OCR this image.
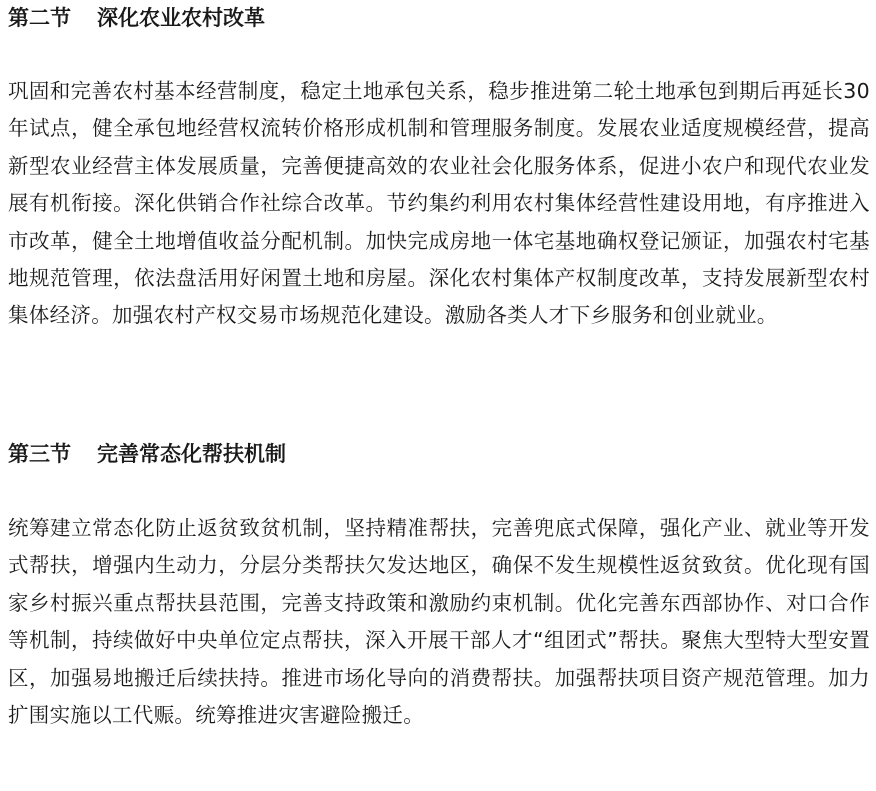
第二节 深化农业农村改革

巩固和完善农村基本经营制度，稳定土地承包关系，稳步推进第二轮土地承包到期后再延长30年试点，健全承包地经营权流转价格形成机制和管理服务制度。发展农业适度规模经营，提高新型农业经营主体发展质量，完善便捷高效的农业社会化服务体系，促进小农户和现代农业发展有机衔接。深化供销合作社综合改革。节约集约利用农村集体经营性建设用地，有序推进入市改革，健全土地增值收益分配机制。加快完成房地一体宅基地确权登记颁证，加强农村宅基地规范管理，依法盘活用好闲置土地和房屋。深化农村集体产权制度改革，支持发展新型农村集体经济。加强农村产权交易市场规范化建设。激励各类人才下乡服务和创业就业。

第三节 完善常态化帮扶机制

统筹建立常态化防止返贫致贫机制，坚持精准帮扶，完善兜底式保障，强化产业、就业等开发式帮扶，增强内生动力，分层分类帮扶欠发达地区，确保不发生规模性返贫致贫。优化现有国家乡村振兴重点帮扶县范围，完善支持政策和激励约束机制。优化完善东西部协作、对口合作等机制，持续做好中央单位定点帮扶，深入开展干部人才“组团式”帮扶。聚焦大型特大型安置区，加强易地搬迁后续扶持。推进市场化导向的消费帮扶。加强帮扶项目资产规范管理。加力扩围实施以工代赈。统筹推进灾害避险搬迁。
